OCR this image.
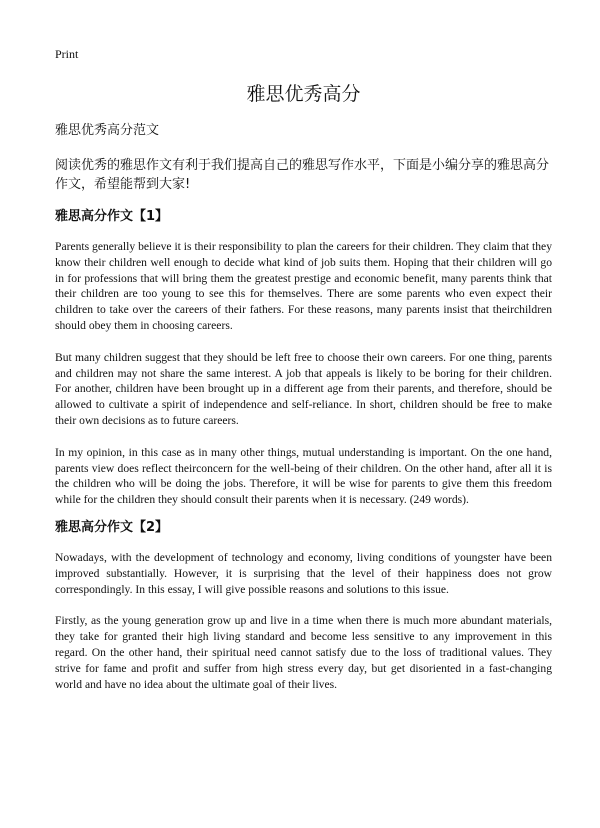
Print
雅思优秀高分
雅思优秀高分范文

阅读优秀的雅思作文有利于我们提高自己的雅思写作水平，下面是小编分享的雅思高分作文，希望能帮到大家!

雅思高分作文【1】

Parents generally believe it is their responsibility to plan the careers for their children. They claim that they know their children well enough to decide what kind of job suits them. Hoping that their children will go in for professions that will bring them the greatest prestige and economic benefit, many parents think that their children are too young to see this for themselves. There are some parents who even expect their children to take over the careers of their fathers. For these reasons, many parents insist that theirchildren should obey them in choosing careers.

But many children suggest that they should be left free to choose their own careers. For one thing, parents and children may not share the same interest. A job that appeals is likely to be boring for their children. For another, children have been brought up in a different age from their parents, and therefore, should be allowed to cultivate a spirit of independence and self-reliance. In short, children should be free to make their own decisions as to future careers.

In my opinion, in this case as in many other things, mutual understanding is important. On the one hand, parents view does reflect theirconcern for the well-being of their children. On the other hand, after all it is the children who will be doing the jobs. Therefore, it will be wise for parents to give them this freedom while for the children they should consult their parents when it is necessary. (249 words).

雅思高分作文【2】

Nowadays, with the development of technology and economy, living conditions of youngster have been improved substantially. However, it is surprising that the level of their happiness does not grow correspondingly. In this essay, I will give possible reasons and solutions to this issue.

Firstly, as the young generation grow up and live in a time when there is much more abundant materials, they take for granted their high living standard and become less sensitive to any improvement in this regard. On the other hand, their spiritual need cannot satisfy due to the loss of traditional values. They strive for fame and profit and suffer from high stress every day, but get disoriented in a fast-changing world and have no idea about the ultimate goal of their lives.
